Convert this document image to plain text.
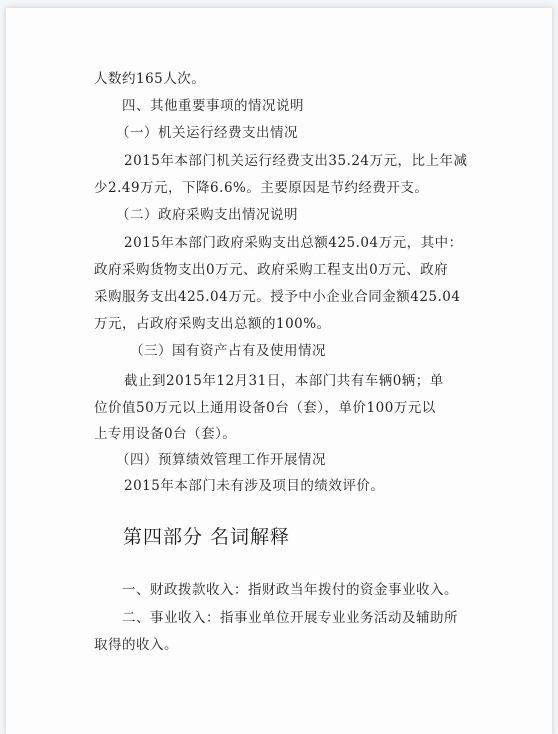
人数约165人次。
四、其他重要事项的情况说明
（一）机关运行经费支出情况
2015年本部门机关运行经费支出35.24万元，比上年减
少2.49万元，下降6.6%。主要原因是节约经费开支。
（二）政府采购支出情况说明
2015年本部门政府采购支出总额425.04万元，其中：
政府采购货物支出0万元、政府采购工程支出0万元、政府
采购服务支出425.04万元。授予中小企业合同金额425.04
万元，占政府采购支出总额的100%。
（三）国有资产占有及使用情况
截止到2015年12月31日，本部门共有车辆0辆；单
位价值50万元以上通用设备0台（套），单价100万元以
上专用设备0台（套）。
（四）预算绩效管理工作开展情况
2015年本部门未有涉及项目的绩效评价。
第四部分 名词解释
一、财政拨款收入：指财政当年拨付的资金事业收入。
二、事业收入：指事业单位开展专业业务活动及辅助所
取得的收入。
